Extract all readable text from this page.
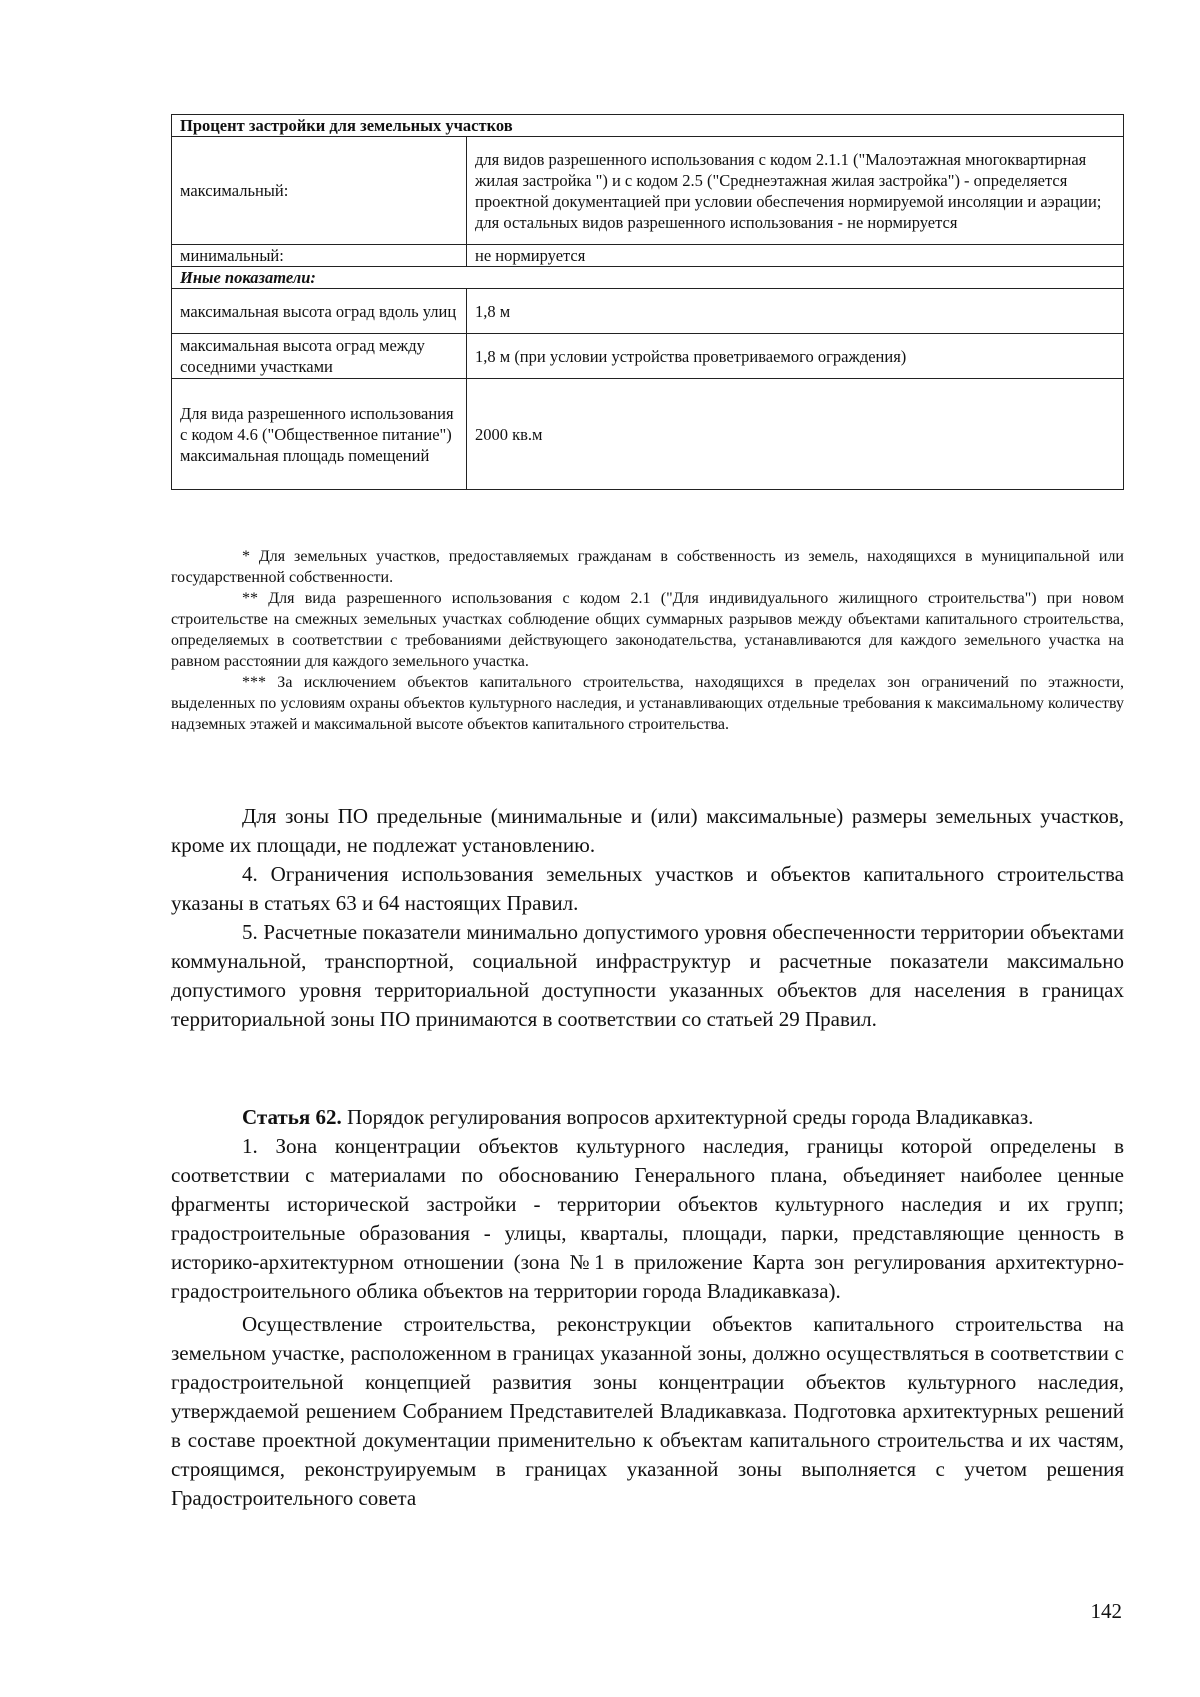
Процент застройки для земельных участков	
максимальный:	для видов разрешенного использования с кодом 2.1.1 ("Малоэтажная многоквартирная жилая застройка ") и с кодом 2.5 ("Среднеэтажная жилая застройка") - определяется проектной документацией при условии обеспечения нормируемой инсоляции и аэрации;
для остальных видов разрешенного использования - не нормируется

минимальный:	не нормируется
Иные показатели:	
максимальная высота оград вдоль улиц	1,8 м
максимальная высота оград между соседними участками	1,8 м (при условии устройства проветриваемого ограждения)
Для вида разрешенного использования с кодом 4.6 ("Общественное питание") максимальная площадь помещений	2000 кв.м

* Для земельных участков, предоставляемых гражданам в собственность из земель, находящихся в муниципальной или государственной собственности.

** Для вида разрешенного использования с кодом 2.1 ("Для индивидуального жилищного строительства") при новом строительстве на смежных земельных участках соблюдение общих суммарных разрывов между объектами капитального строительства, определяемых в соответствии с требованиями действующего законодательства, устанавливаются для каждого земельного участка на равном расстоянии для каждого земельного участка.

*** За исключением объектов капитального строительства, находящихся в пределах зон ограничений по этажности, выделенных по условиям охраны объектов культурного наследия, и устанавливающих отдельные требования к максимальному количеству надземных этажей и максимальной высоте объектов капитального строительства.

Для зоны ПО предельные (минимальные и (или) максимальные) размеры земельных участков, кроме их площади, не подлежат установлению.

4. Ограничения использования земельных участков и объектов капитального строительства указаны в статьях 63 и 64 настоящих Правил.

5. Расчетные показатели минимально допустимого уровня обеспеченности территории объектами коммунальной, транспортной, социальной инфраструктур и расчетные показатели максимально допустимого уровня территориальной доступности указанных объектов для населения в границах территориальной зоны ПО принимаются в соответствии со статьей 29 Правил.

Статья 62. Порядок регулирования вопросов архитектурной среды города Владикавказ.

1. Зона концентрации объектов культурного наследия, границы которой определены в соответствии с материалами по обоснованию Генерального плана, объединяет наиболее ценные фрагменты исторической застройки - территории объектов культурного наследия и их групп; градостроительные образования - улицы, кварталы, площади, парки, представляющие ценность в историко-архитектурном отношении (зона №1 в приложение Карта зон регулирования архитектурно-градостроительного облика объектов на территории города Владикавказа).

Осуществление строительства, реконструкции объектов капитального строительства на земельном участке, расположенном в границах указанной зоны, должно осуществляться в соответствии с градостроительной концепцией развития зоны концентрации объектов культурного наследия, утверждаемой решением Собранием Представителей Владикавказа. Подготовка архитектурных решений в составе проектной документации применительно к объектам капитального строительства и их частям, строящимся, реконструируемым в границах указанной зоны выполняется с учетом решения Градостроительного совета

142
